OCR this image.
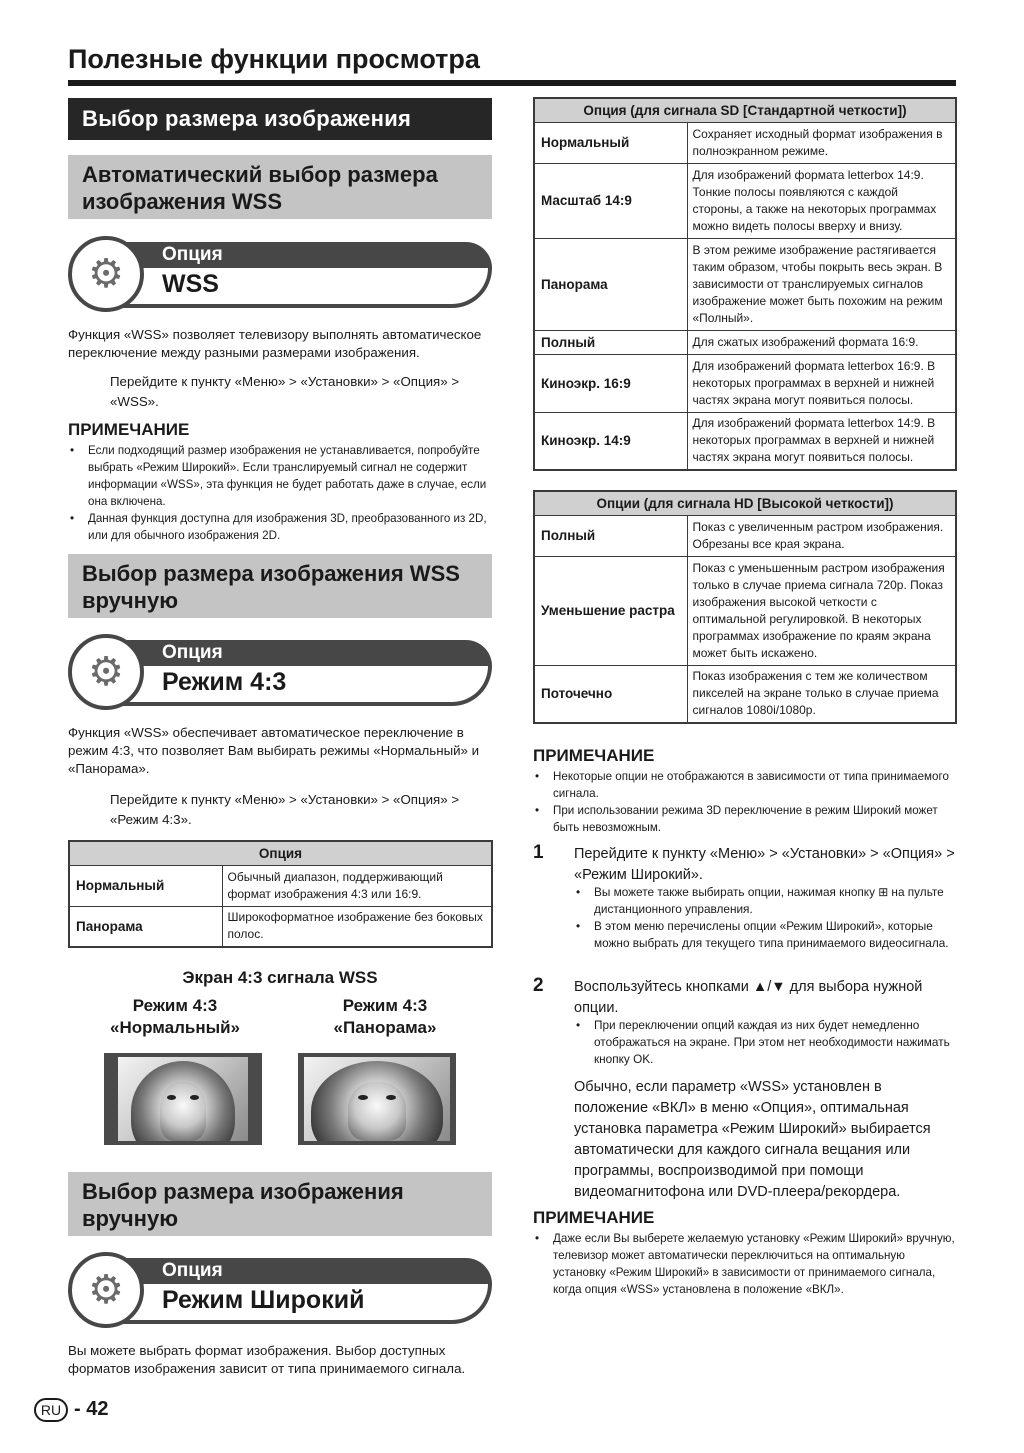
Полезные функции просмотра
Выбор размера изображения
Автоматический выбор размера изображения WSS
Опция
WSS
⚙
Функция «WSS» позволяет телевизору выполнять автоматическое переключение между разными размерами изображения.
Перейдите к пункту «Меню» > «Установки» > «Опция» > «WSS».
ПРИМЕЧАНИЕ
• Если подходящий размер изображения не устанавливается, попробуйте выбрать «Режим Широкий». Если транслируемый сигнал не содержит информации «WSS», эта функция не будет работать даже в случае, если она включена.
• Данная функция доступна для изображения 3D, преобразованного из 2D, или для обычного изображения 2D.
Выбор размера изображения WSS вручную
Опция
Режим 4:3
⚙
Функция «WSS» обеспечивает автоматическое переключение в режим 4:3, что позволяет Вам выбирать режимы «Нормальный» и «Панорама».
Перейдите к пункту «Меню» > «Установки» > «Опция» > «Режим 4:3».
Опция	
Нормальный	Обычный диапазон, поддерживающий формат изображения 4:3 или 16:9.
Панорама	Широкоформатное изображение без боковых полос.
Экран 4:3 сигнала WSS
Режим 4:3
«Нормальный»
Режим 4:3
«Панорама»
Выбор размера изображения вручную
Опция
Режим Широкий
⚙
Вы можете выбрать формат изображения. Выбор доступных форматов изображения зависит от типа принимаемого сигнала.
Опция (для сигнала SD [Стандартной четкости])	
Нормальный	Сохраняет исходный формат изображения в полноэкранном режиме.
Масштаб 14:9	Для изображений формата letterbox 14:9. Тонкие полосы появляются с каждой стороны, а также на некоторых программах можно видеть полосы вверху и внизу.
Панорама	В этом режиме изображение растягивается таким образом, чтобы покрыть весь экран. В зависимости от транслируемых сигналов изображение может быть похожим на режим «Полный».
Полный	Для сжатых изображений формата 16:9.
Киноэкр. 16:9	Для изображений формата letterbox 16:9. В некоторых программах в верхней и нижней частях экрана могут появиться полосы.
Киноэкр. 14:9	Для изображений формата letterbox 14:9. В некоторых программах в верхней и нижней частях экрана могут появиться полосы.
Опции (для сигнала HD [Высокой четкости])	
Полный	Показ с увеличенным растром изображения. Обрезаны все края экрана.
Уменьшение растра	Показ с уменьшенным растром изображения только в случае приема сигнала 720p. Показ изображения высокой четкости с оптимальной регулировкой. В некоторых программах изображение по краям экрана может быть искажено.
Поточечно	Показ изображения с тем же количеством пикселей на экране только в случае приема сигналов 1080i/1080p.
ПРИМЕЧАНИЕ
• Некоторые опции не отображаются в зависимости от типа принимаемого сигнала.
• При использовании режима 3D переключение в режим Широкий может быть невозможным.
1 Перейдите к пункту «Меню» > «Установки» > «Опция» > «Режим Широкий».
• Вы можете также выбирать опции, нажимая кнопку ⊞ на пульте дистанционного управления.
• В этом меню перечислены опции «Режим Широкий», которые можно выбрать для текущего типа принимаемого видеосигнала.
2 Воспользуйтесь кнопками ▲/▼ для выбора нужной опции.
• При переключении опций каждая из них будет немедленно отображаться на экране. При этом нет необходимости нажимать кнопку OK.
Обычно, если параметр «WSS» установлен в положение «ВКЛ» в меню «Опция», оптимальная установка параметра «Режим Широкий» выбирается автоматически для каждого сигнала вещания или программы, воспроизводимой при помощи видеомагнитофона или DVD-плеера/рекордера.
ПРИМЕЧАНИЕ
• Даже если Вы выберете желаемую установку «Режим Широкий» вручную, телевизор может автоматически переключиться на оптимальную установку «Режим Широкий» в зависимости от принимаемого сигнала, когда опция «WSS» установлена в положение «ВКЛ».
RU - 42
